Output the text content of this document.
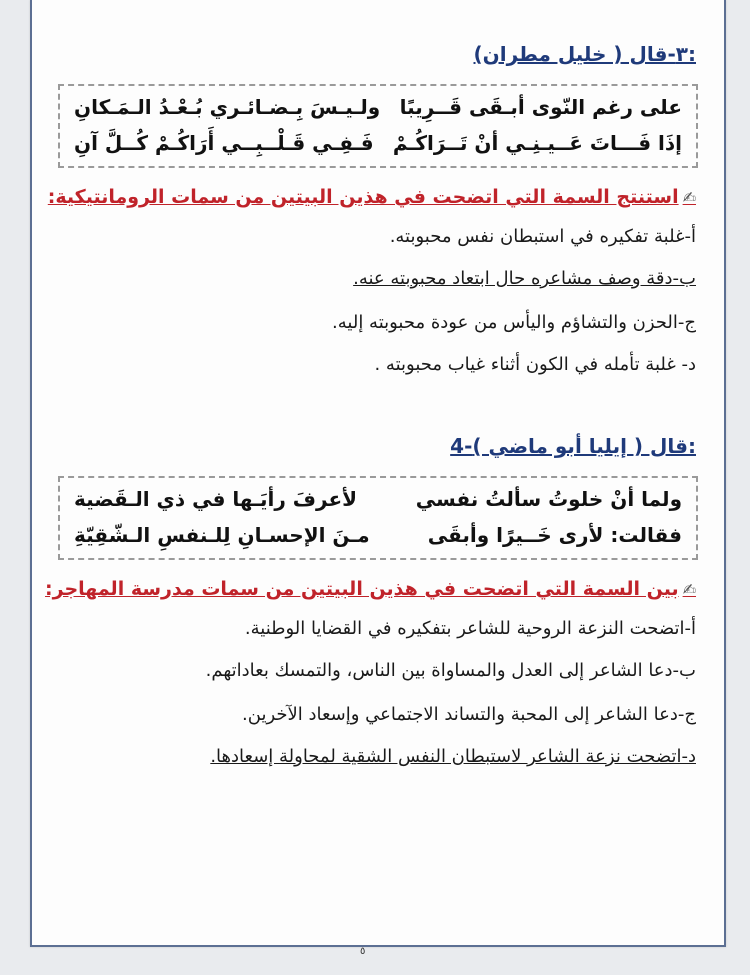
٣-قال ( خليل مطران):
على رغم النّوى أبـقَى قَــرِيبًا
ولـيـسَ بِـضـائـري بُـعْـدُ الـمَـكانِ
إذَا فَـــاتَ عَــيـنِـي أنْ تَــرَاكُـمْ
فَـفِـي قَـلْــبِــي أَرَاكُـمْ كُــلَّ آنِ
✍
استنتج السمة التي اتضحت في هذين البيتين من سمات الرومانتيكية:
أ-غلبة تفكيره في استبطان نفس محبوبته.
ب-دقة وصف مشاعره حال ابتعاد محبوبته عنه.
ج-الحزن والتشاؤم واليأس من عودة محبوبته إليه.
د- غلبة تأمله في الكون أثناء غياب محبوبته .
4-قال ( إيليا أبو ماضي ):
ولما أنْ خلوتُ سألتُ نفسي
لأعرفَ رأيَـها في ذي الـقَضية
فقالت: لأرى خَــيرًا وأبقَى
مـنَ الإحسـانِ لِلـنفسِ الـشّقِيّةِ
✍
بين السمة التي اتضحت في هذين البيتين من سمات مدرسة المهاجر:
أ-اتضحت النزعة الروحية للشاعر بتفكيره في القضايا الوطنية.
ب-دعا الشاعر إلى العدل والمساواة بين الناس، والتمسك بعاداتهم.
ج-دعا الشاعر إلى المحبة والتساند الاجتماعي وإسعاد الآخرين.
د-اتضحت نزعة الشاعر لاستبطان النفس الشقية لمحاولة إسعادها.
٥
